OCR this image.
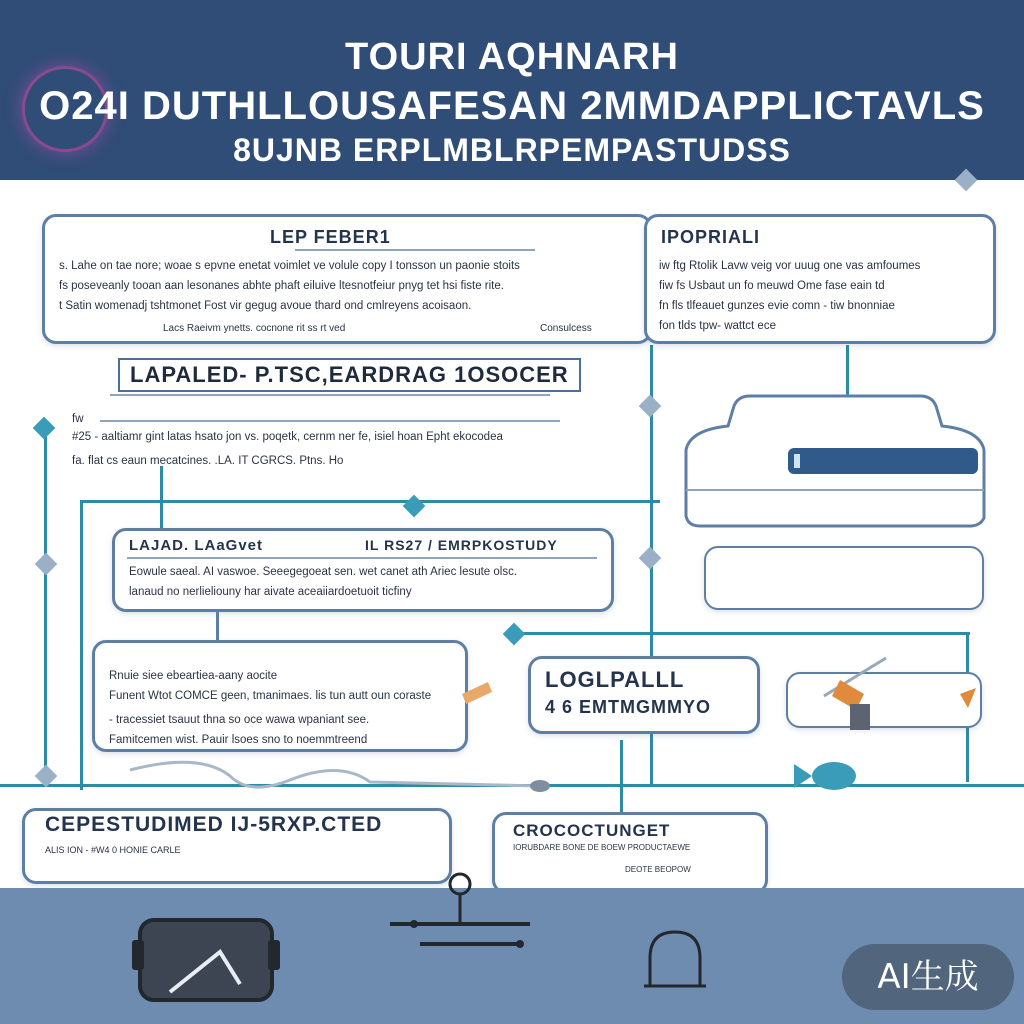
TOURI AQHNARH
O24I DUTHLLOUSAFESAN 2MMDAPPLICTAVLS
8UJNB ERPLMBLRPEMPASTUDSS
LEP FEBER1
s. Lahe on tae nore; woae s epvne enetat voimlet ve volule copy I tonsson un paonie stoits
fs poseveanly tooan aan lesonanes abhte phaft eiluive ltesnotfeiur pnyg tet hsi fiste rite.
t Satin womenadj tshtmonet Fost vir gegug avoue thard ond cmlreyens acoisaon.
Lacs Raeivm ynetts. cocnone rit ss rt ved	Consulcess
IPOPRIALI
iw ftg Rtolik Lavw veig vor uuug one vas amfoumes
fiw fs Usbaut un fo meuwd Ome fase eain td
fn fls tlfeauet gunzes evie comn - tiw bnonniae
fon tlds tpw- wattct ece
LAPALED- P.TSC,EARDRAG 1OSOCER
fw
#25 - aaltiamr gint latas hsato jon vs. poqetk, cernm ner fe, isiel hoan Epht ekocodea
fa. flat cs eaun mecatcines. .LA. IT CGRCS. Ptns. Ho
LAJAD. LAaGvet	IL RS27 / EMRPKOSTUDY
Eowule saeal. AI vaswoe. Seeegegoeat sen. wet canet ath Ariec lesute olsc.
lanaud no nerlieliouny har aivate aceaiiardoetuoit ticfiny
Rnuie siee ebeartiea-aany aocite
Funent Wtot COMCE geen, tmanimaes. lis tun autt oun coraste
- tracessiet tsauut thna so oce wawa wpaniant see.
Famitcemen wist. Pauir lsoes sno to noemmtreend
LOGLPALLL
4 6 EMTMGMMYO
CEPESTUDIMED IJ-5RXP.CTED
ALIS ION - #W4 0 HONIE CARLE
CROCOCTUNGET
IORUBDARE BONE DE BOEW PRODUCTAEWE
DEOTE BEOPOW
AI生成
